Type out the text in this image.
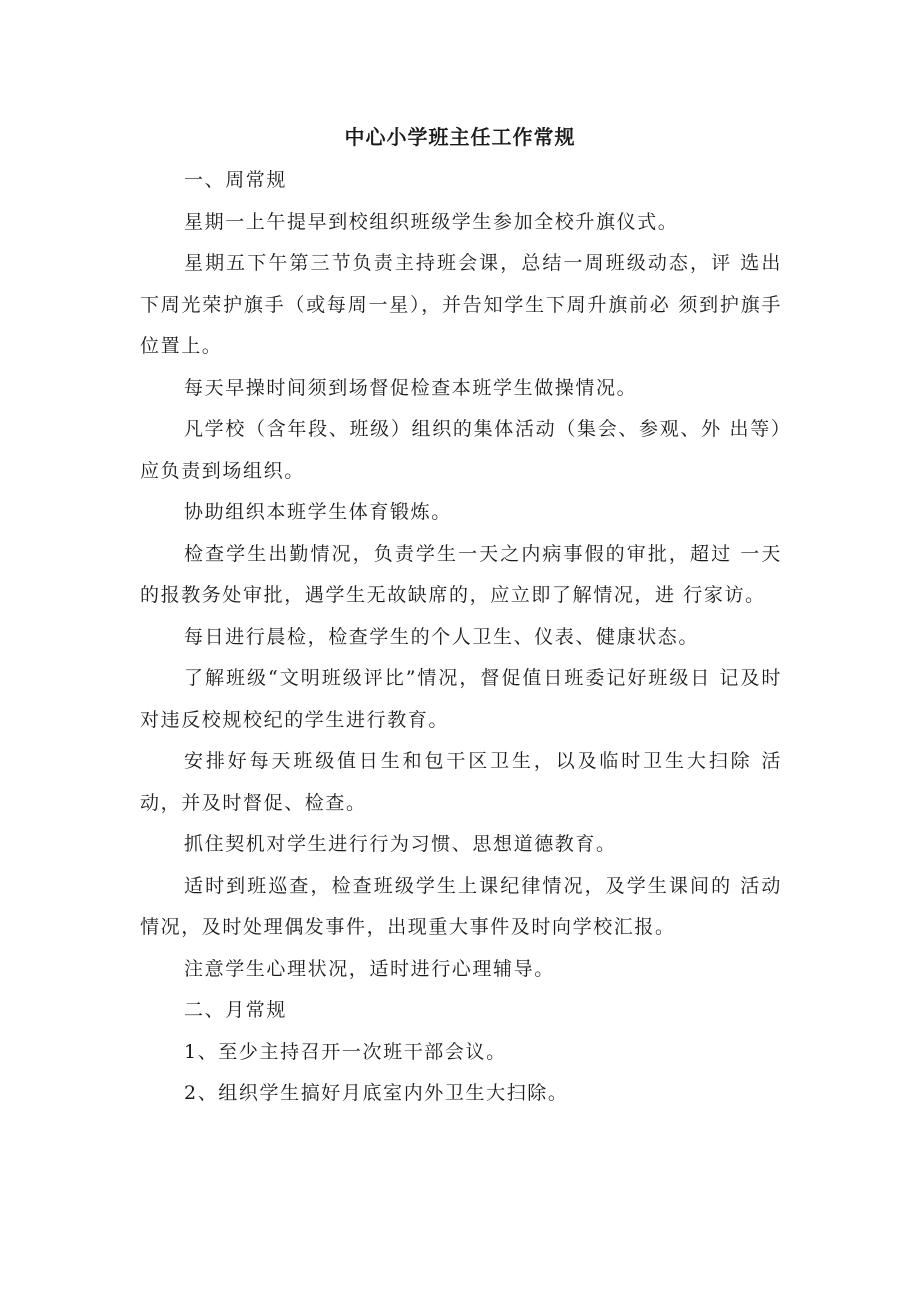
中心小学班主任工作常规

一、周常规

星期一上午提早到校组织班级学生参加全校升旗仪式。

星期五下午第三节负责主持班会课，总结一周班级动态，评 选出下周光荣护旗手（或每周一星），并告知学生下周升旗前必 须到护旗手位置上。

每天早操时间须到场督促检查本班学生做操情况。

凡学校（含年段、班级）组织的集体活动（集会、参观、外 出等）应负责到场组织。

协助组织本班学生体育锻炼。

检查学生出勤情况，负责学生一天之内病事假的审批，超过 一天的报教务处审批，遇学生无故缺席的，应立即了解情况，进 行家访。

每日进行晨检，检查学生的个人卫生、仪表、健康状态。

了解班级“文明班级评比”情况，督促值日班委记好班级日 记及时对违反校规校纪的学生进行教育。

安排好每天班级值日生和包干区卫生，以及临时卫生大扫除 活动，并及时督促、检查。

抓住契机对学生进行行为习惯、思想道德教育。

适时到班巡查，检查班级学生上课纪律情况，及学生课间的 活动情况，及时处理偶发事件，出现重大事件及时向学校汇报。

注意学生心理状况，适时进行心理辅导。

二、月常规

1、至少主持召开一次班干部会议。

2、组织学生搞好月底室内外卫生大扫除。
